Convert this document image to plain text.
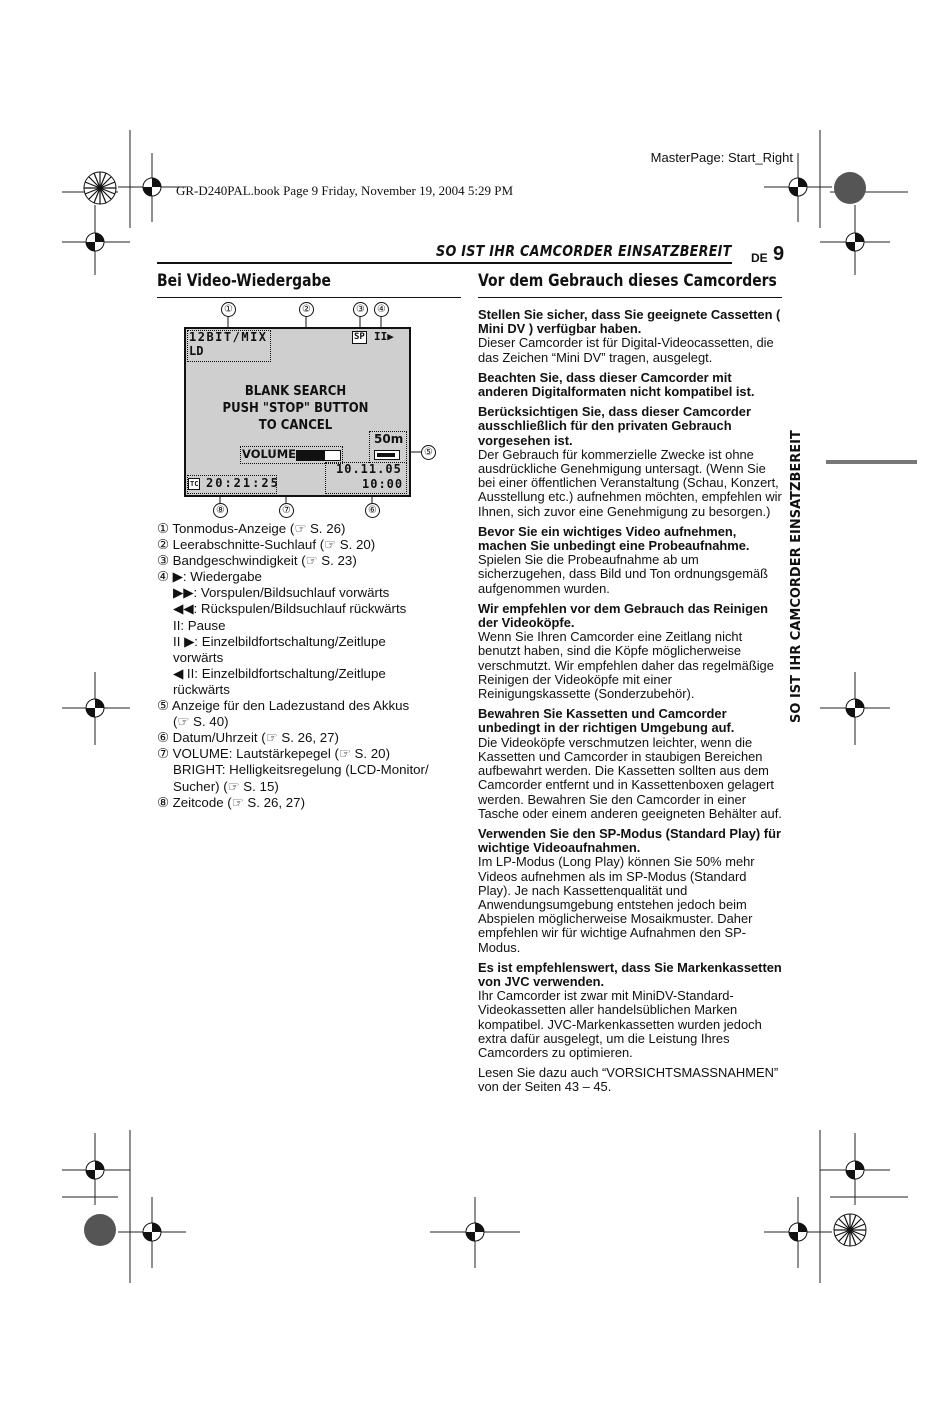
MasterPage: Start_Right
GR-D240PAL.book Page 9 Friday, November 19, 2004 5:29 PM
SO IST IHR CAMCORDER EINSATZBEREIT DE 9
SO IST IHR CAMCORDER EINSATZBEREIT
Bei Video-Wiedergabe
①	②	③	④
⑤
⑥
⑦
⑧
12BIT/MIX
LD
SP II▶
BLANK SEARCH
PUSH "STOP" BUTTON
TO CANCEL
50m
VOLUME
10.11.05
10:00
TC 20:21:25
① Tonmodus-Anzeige (☞ S. 26)
② Leerabschnitte-Suchlauf (☞ S. 20)
③ Bandgeschwindigkeit (☞ S. 23)
④ ▶: Wiedergabe
▶▶: Vorspulen/Bildsuchlauf vorwärts
◀◀: Rückspulen/Bildsuchlauf rückwärts
II: Pause
II ▶: Einzelbildfortschaltung/Zeitlupe
vorwärts
◀ II: Einzelbildfortschaltung/Zeitlupe
rückwärts
⑤ Anzeige für den Ladezustand des Akkus
(☞ S. 40)
⑥ Datum/Uhrzeit (☞ S. 26, 27)
⑦ VOLUME: Lautstärkepegel (☞ S. 20)
BRIGHT: Helligkeitsregelung (LCD-Monitor/
Sucher) (☞ S. 15)
⑧ Zeitcode (☞ S. 26, 27)
Vor dem Gebrauch dieses Camcorders
Stellen Sie sicher, dass Sie geeignete Cassetten ( Mini DV ) verfügbar haben.
Dieser Camcorder ist für Digital-Videocassetten, die das Zeichen “Mini DV” tragen, ausgelegt.
Beachten Sie, dass dieser Camcorder mit anderen Digitalformaten nicht kompatibel ist.
Berücksichtigen Sie, dass dieser Camcorder ausschließlich für den privaten Gebrauch vorgesehen ist.
Der Gebrauch für kommerzielle Zwecke ist ohne ausdrückliche Genehmigung untersagt. (Wenn Sie bei einer öffentlichen Veranstaltung (Schau, Konzert, Ausstellung etc.) aufnehmen möchten, empfehlen wir Ihnen, sich zuvor eine Genehmigung zu besorgen.)
Bevor Sie ein wichtiges Video aufnehmen, machen Sie unbedingt eine Probeaufnahme.
Spielen Sie die Probeaufnahme ab um sicherzugehen, dass Bild und Ton ordnungsgemäß aufgenommen wurden.
Wir empfehlen vor dem Gebrauch das Reinigen der Videoköpfe.
Wenn Sie Ihren Camcorder eine Zeitlang nicht benutzt haben, sind die Köpfe möglicherweise verschmutzt. Wir empfehlen daher das regelmäßige Reinigen der Videoköpfe mit einer Reinigungskassette (Sonderzubehör).
Bewahren Sie Kassetten und Camcorder unbedingt in der richtigen Umgebung auf.
Die Videoköpfe verschmutzen leichter, wenn die Kassetten und Camcorder in staubigen Bereichen aufbewahrt werden. Die Kassetten sollten aus dem Camcorder entfernt und in Kassettenboxen gelagert werden. Bewahren Sie den Camcorder in einer Tasche oder einem anderen geeigneten Behälter auf.
Verwenden Sie den SP-Modus (Standard Play) für wichtige Videoaufnahmen.
Im LP-Modus (Long Play) können Sie 50% mehr Videos aufnehmen als im SP-Modus (Standard Play). Je nach Kassettenqualität und Anwendungsumgebung entstehen jedoch beim Abspielen möglicherweise Mosaikmuster. Daher empfehlen wir für wichtige Aufnahmen den SP-Modus.
Es ist empfehlenswert, dass Sie Markenkassetten von JVC verwenden.
Ihr Camcorder ist zwar mit MiniDV-Standard-Videokassetten aller handelsüblichen Marken kompatibel. JVC-Markenkassetten wurden jedoch extra dafür ausgelegt, um die Leistung Ihres Camcorders zu optimieren.
Lesen Sie dazu auch “VORSICHTSMASSNAHMEN” von der Seiten 43 – 45.
